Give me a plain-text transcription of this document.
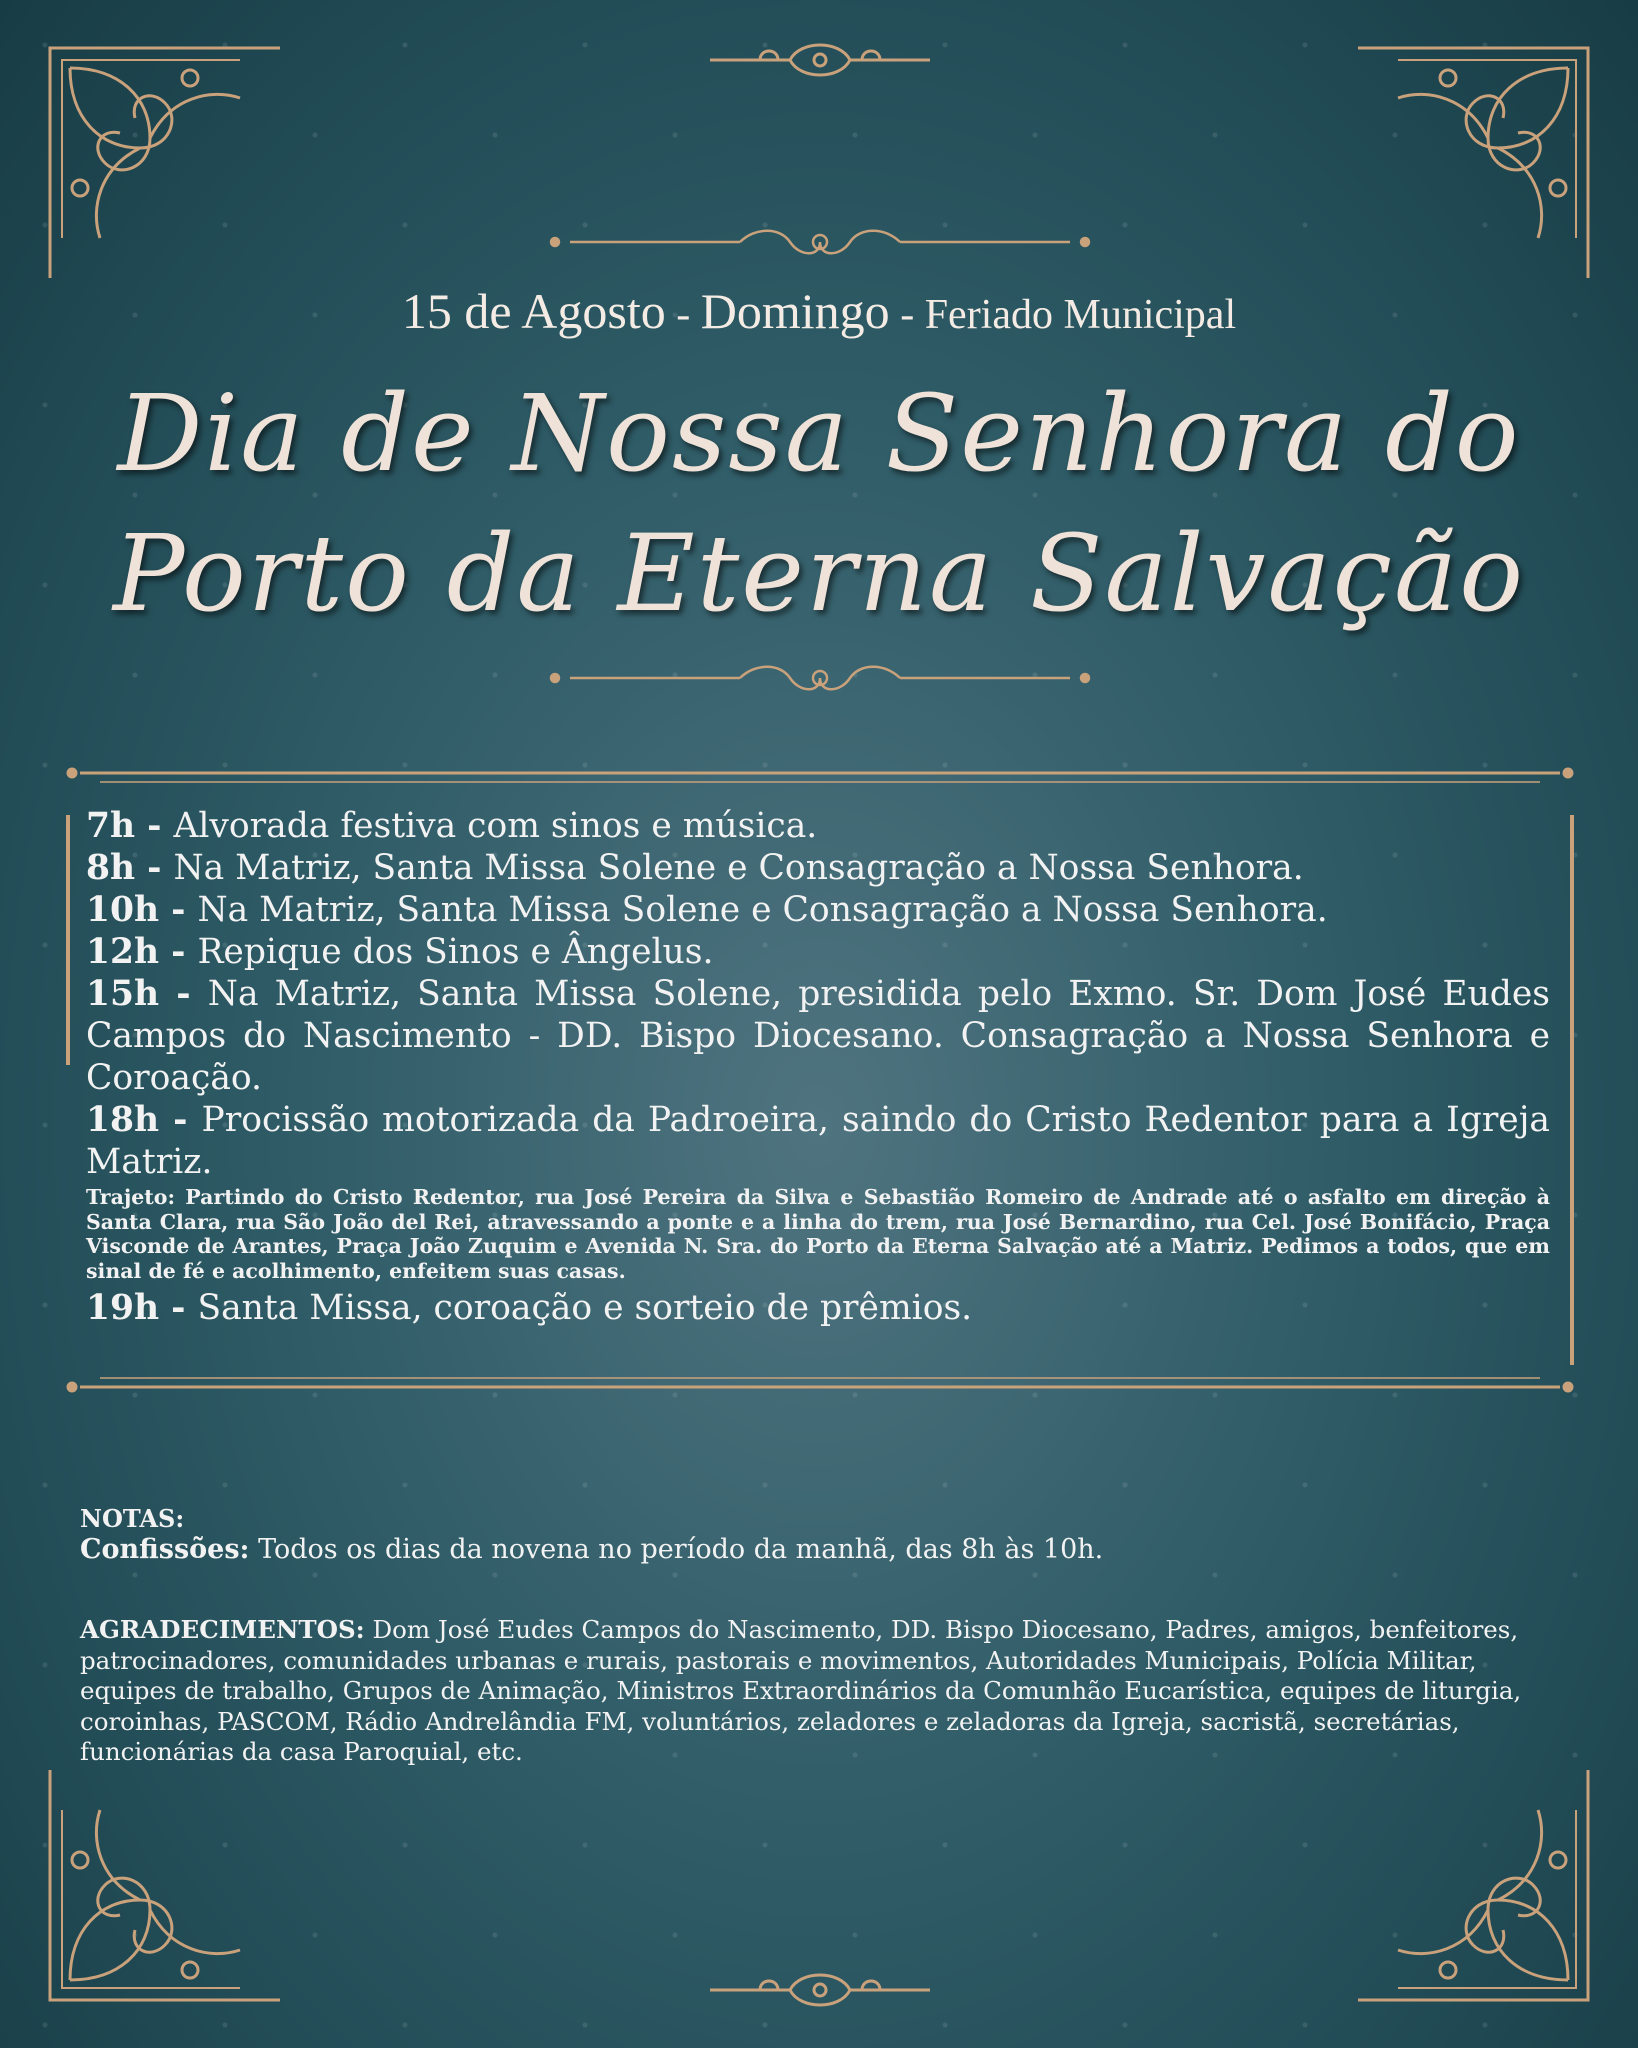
15 de Agosto - Domingo - Feriado Municipal
Dia de Nossa Senhora do
Porto da Eterna Salvação

7h - Alvorada festiva com sinos e música.

8h - Na Matriz, Santa Missa Solene e Consagração a Nossa Senhora.

10h - Na Matriz, Santa Missa Solene e Consagração a Nossa Senhora.

12h - Repique dos Sinos e Ângelus.

15h - Na Matriz, Santa Missa Solene, presidida pelo Exmo. Sr. Dom José Eudes Campos do Nascimento - DD. Bispo Diocesano. Consagração a Nossa Senhora e Coroação.

18h - Procissão motorizada da Padroeira, saindo do Cristo Redentor para a Igreja Matriz.

Trajeto: Partindo do Cristo Redentor, rua José Pereira da Silva e Sebastião Romeiro de Andrade até o asfalto em direção à Santa Clara, rua São João del Rei, atravessando a ponte e a linha do trem, rua José Bernardino, rua Cel. José Bonifácio, Praça Visconde de Arantes, Praça João Zuquim e Avenida N. Sra. do Porto da Eterna Salvação até a Matriz. Pedimos a todos, que em sinal de fé e acolhimento, enfeitem suas casas.

19h - Santa Missa, coroação e sorteio de prêmios.

NOTAS:

Confissões: Todos os dias da novena no período da manhã, das 8h às 10h.

AGRADECIMENTOS: Dom José Eudes Campos do Nascimento, DD. Bispo Diocesano, Padres, amigos, benfeitores, patrocinadores, comunidades urbanas e rurais, pastorais e movimentos, Autoridades Municipais, Polícia Militar, equipes de trabalho, Grupos de Animação, Ministros Extraordinários da Comunhão Eucarística, equipes de liturgia, coroinhas, PASCOM, Rádio Andrelândia FM, voluntários, zeladores e zeladoras da Igreja, sacristã, secretárias, funcionárias da casa Paroquial, etc.
